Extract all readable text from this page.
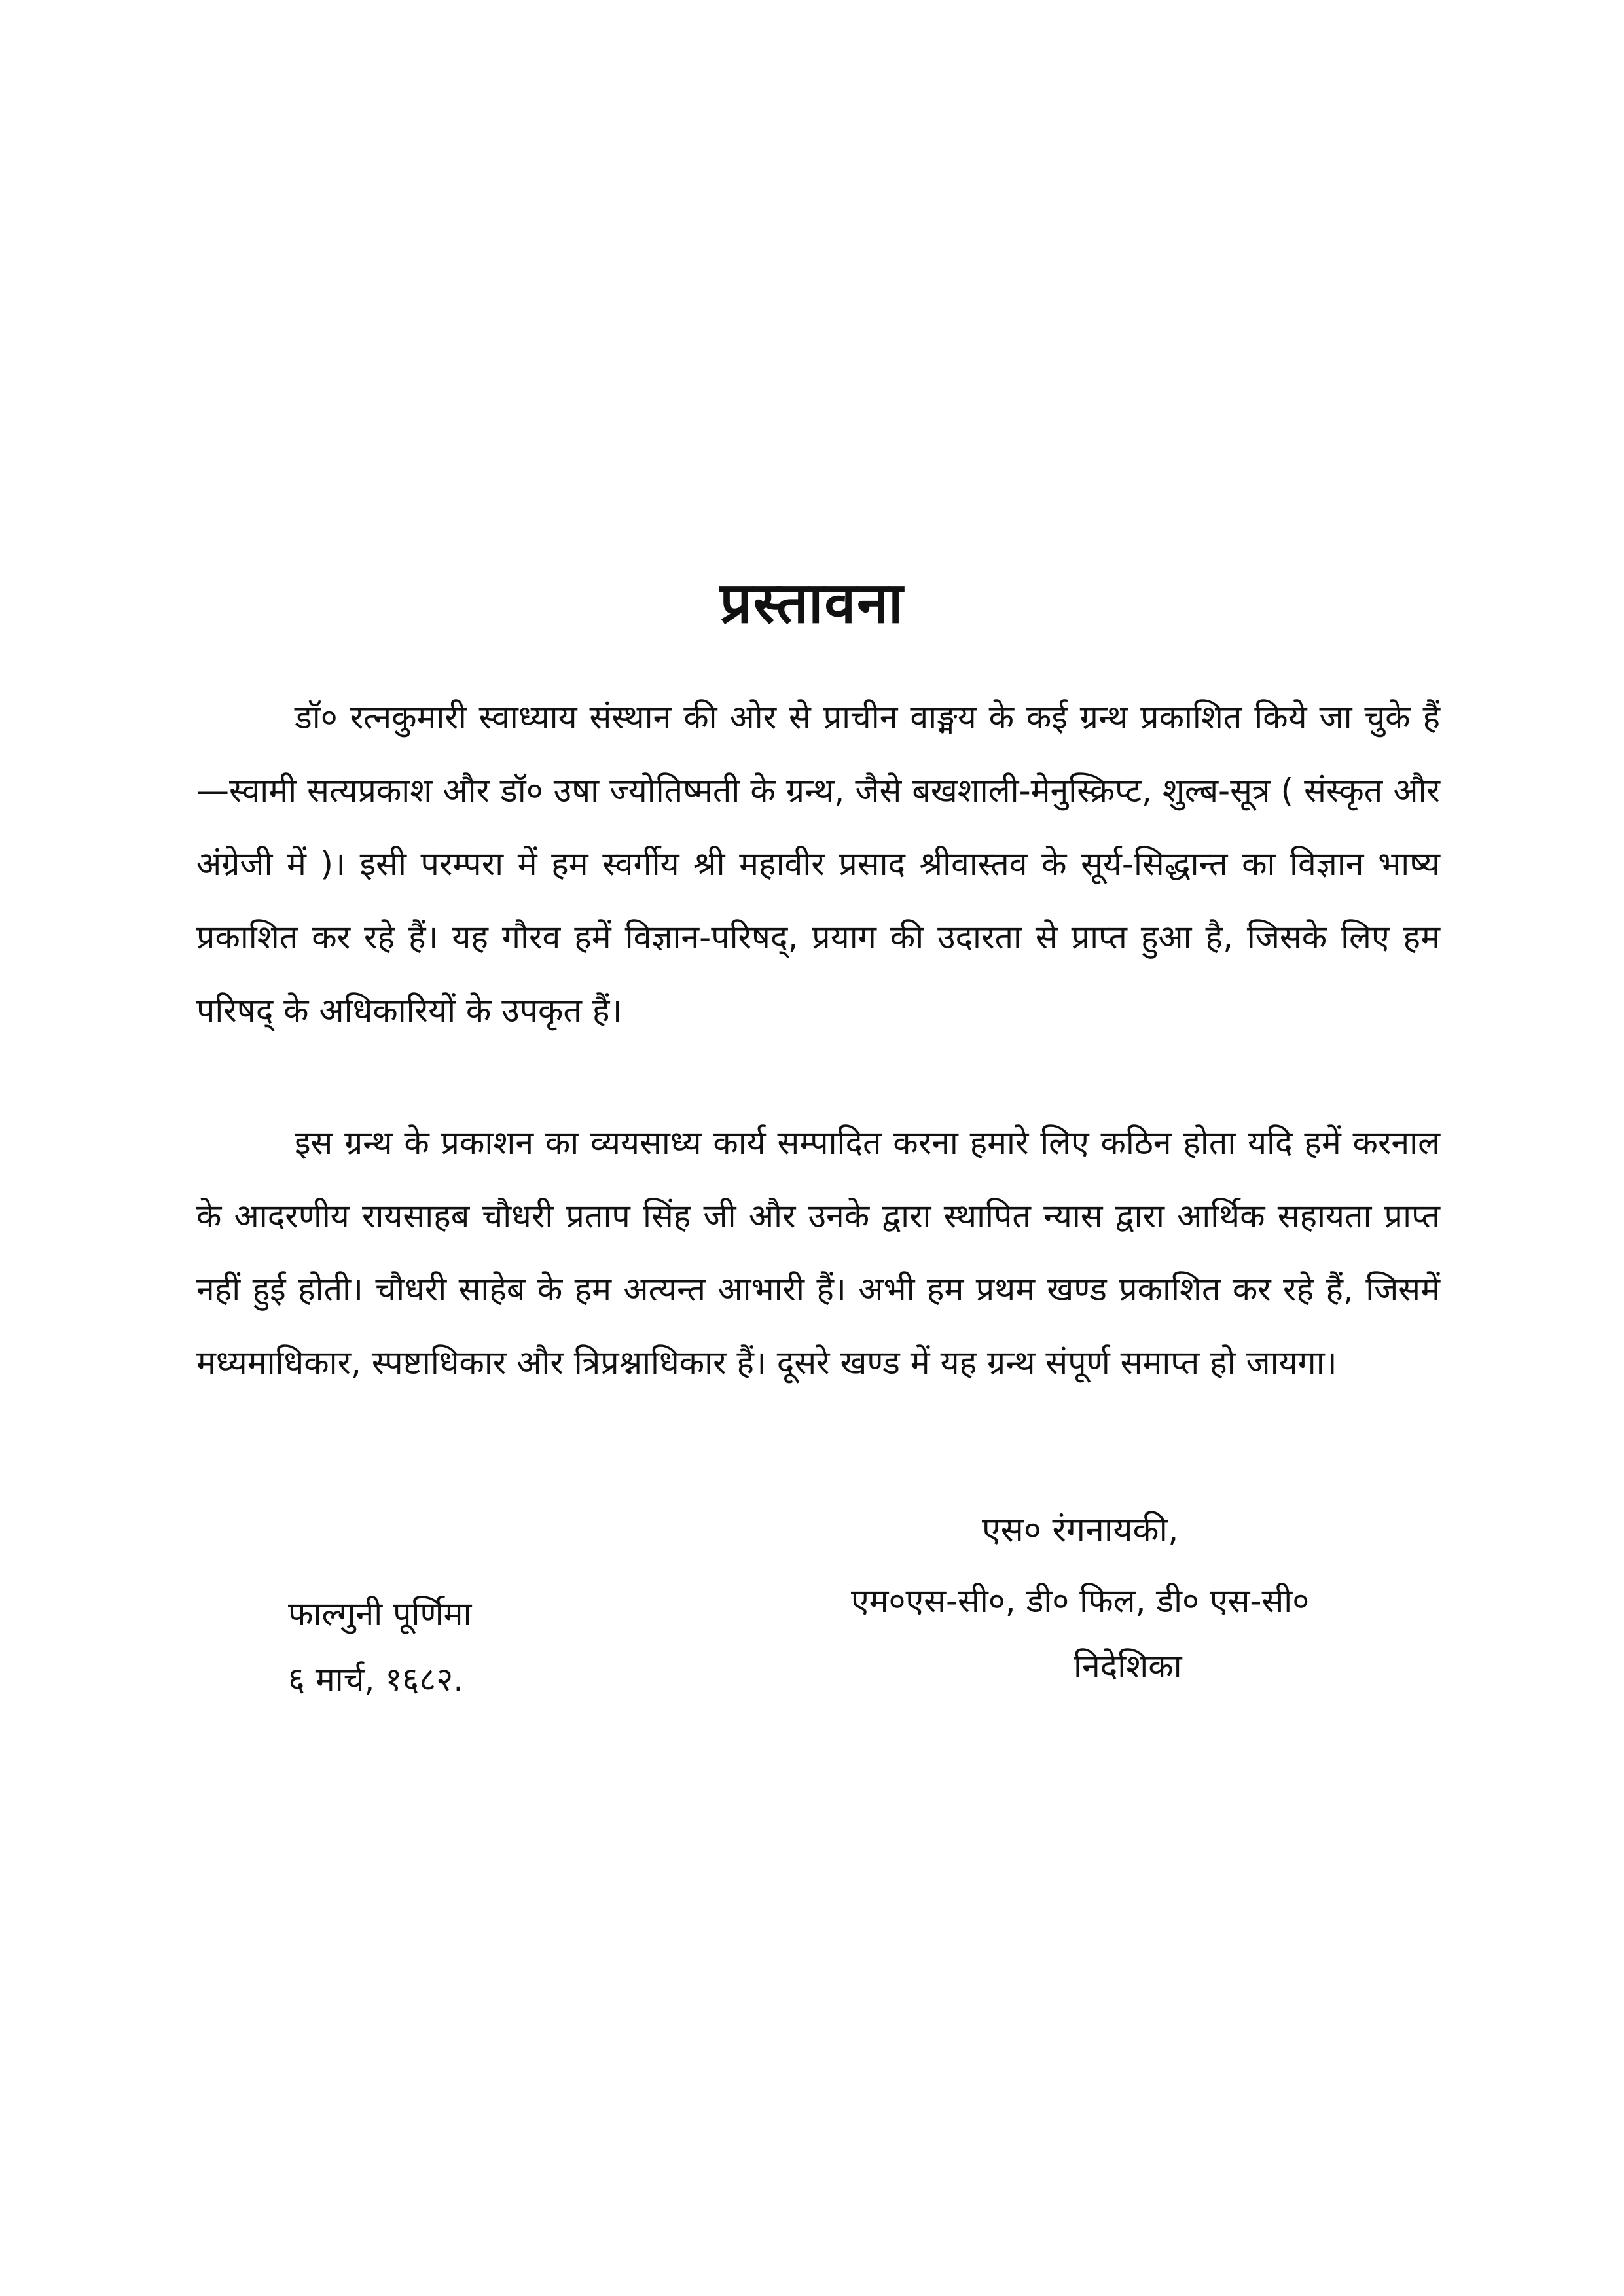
प्रस्तावना

डॉ० रत्नकुमारी स्वाध्याय संस्थान की ओर से प्राचीन वाङ्मय के कई ग्रन्थ प्रकाशित किये जा चुके हैं—स्वामी सत्यप्रकाश और डॉ० उषा ज्योतिष्मती के ग्रन्थ, जैसे बखशाली-मेनुस्क्रिप्ट, शुल्ब-सूत्र ( संस्कृत और अंग्रेजी में )। इसी परम्परा में हम स्वर्गीय श्री महावीर प्रसाद श्रीवास्तव के सूर्य-सिद्धान्त का विज्ञान भाष्य प्रकाशित कर रहे हैं। यह गौरव हमें विज्ञान-परिषद्, प्रयाग की उदारता से प्राप्त हुआ है, जिसके लिए हम परिषद् के अधिकारियों के उपकृत हैं।

इस ग्रन्थ के प्रकाशन का व्ययसाध्य कार्य सम्पादित करना हमारे लिए कठिन होता यदि हमें करनाल के आदरणीय रायसाहब चौधरी प्रताप सिंह जी और उनके द्वारा स्थापित न्यास द्वारा आर्थिक सहायता प्राप्त नहीं हुई होती। चौधरी साहेब के हम अत्यन्त आभारी हैं। अभी हम प्रथम खण्ड प्रकाशित कर रहे हैं, जिसमें मध्यमाधिकार, स्पष्टाधिकार और त्रिप्रश्नाधिकार हैं। दूसरे खण्ड में यह ग्रन्थ संपूर्ण समाप्त हो जायगा।

एस० रंगनायकी,
एम०एस-सी०, डी० फिल, डी० एस-सी०
निदेशिका
फाल्गुनी पूर्णिमा
६ मार्च, १६८२.
